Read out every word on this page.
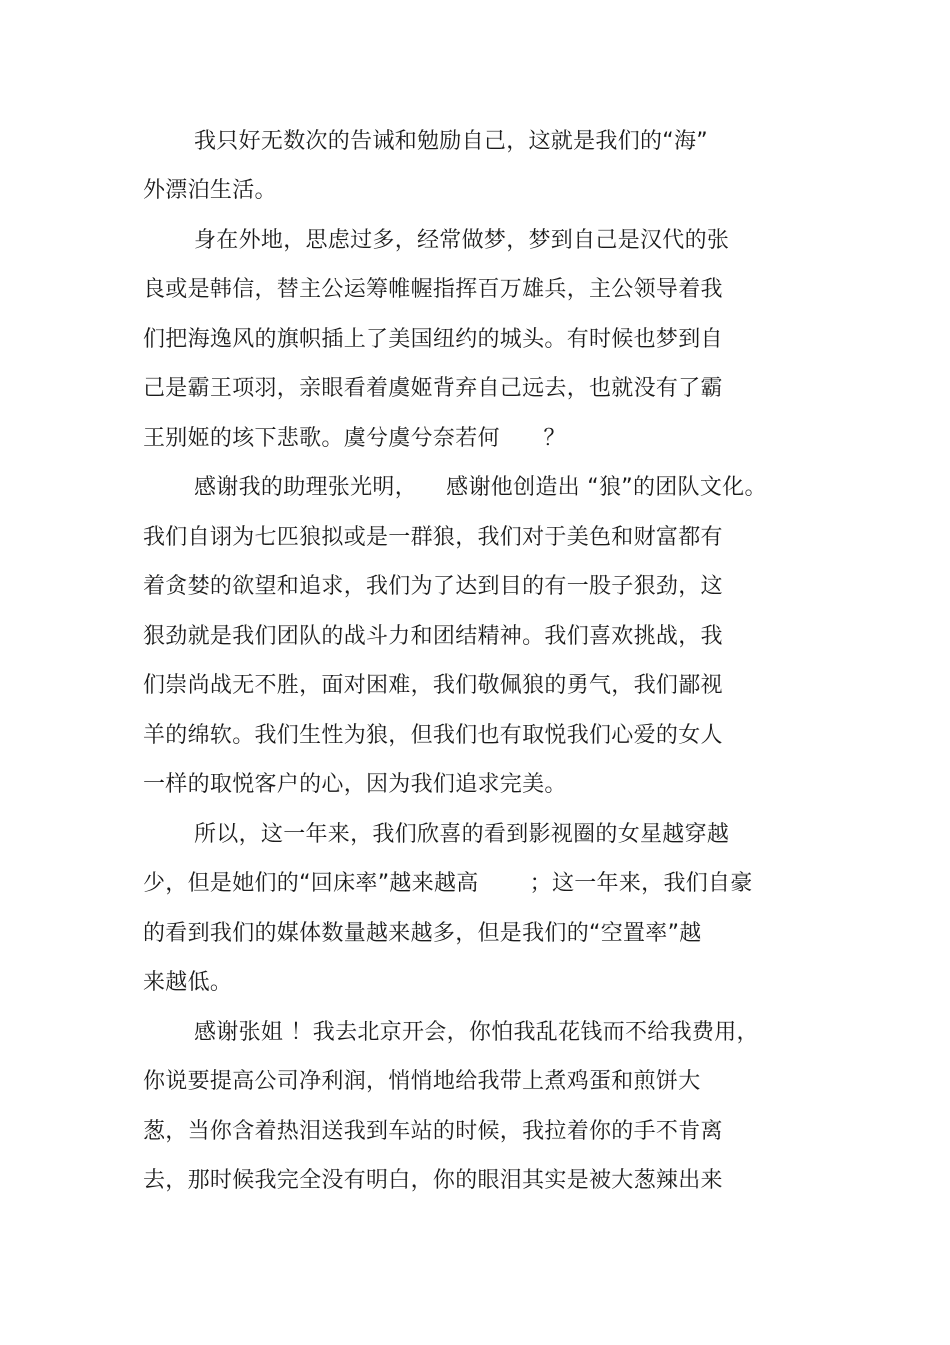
我只好无数次的告诫和勉励自己，这就是我们的“海”
外漂泊生活。
身在外地，思虑过多，经常做梦，梦到自己是汉代的张
良或是韩信，替主公运筹帷幄指挥百万雄兵，主公领导着我
们把海逸风的旗帜插上了美国纽约的城头。有时候也梦到自
己是霸王项羽，亲眼看着虞姬背弃自己远去，也就没有了霸
王别姬的垓下悲歌。虞兮虞兮奈若何      ？
感谢我的助理张光明，    感谢他创造出 “狼”的团队文化。
我们自诩为七匹狼拟或是一群狼，我们对于美色和财富都有
着贪婪的欲望和追求，我们为了达到目的有一股子狠劲，这
狠劲就是我们团队的战斗力和团结精神。我们喜欢挑战，我
们崇尚战无不胜，面对困难，我们敬佩狼的勇气，我们鄙视
羊的绵软。我们生性为狼，但我们也有取悦我们心爱的女人
一样的取悦客户的心，因为我们追求完美。
所以，这一年来，我们欣喜的看到影视圈的女星越穿越
少，但是她们的“回床率”越来越高       ；这一年来，我们自豪
的看到我们的媒体数量越来越多，但是我们的“空置率”越
来越低。
感谢张姐 ！我去北京开会，你怕我乱花钱而不给我费用，
你说要提高公司净利润，悄悄地给我带上煮鸡蛋和煎饼大
葱，当你含着热泪送我到车站的时候，我拉着你的手不肯离
去，那时候我完全没有明白，你的眼泪其实是被大葱辣出来
